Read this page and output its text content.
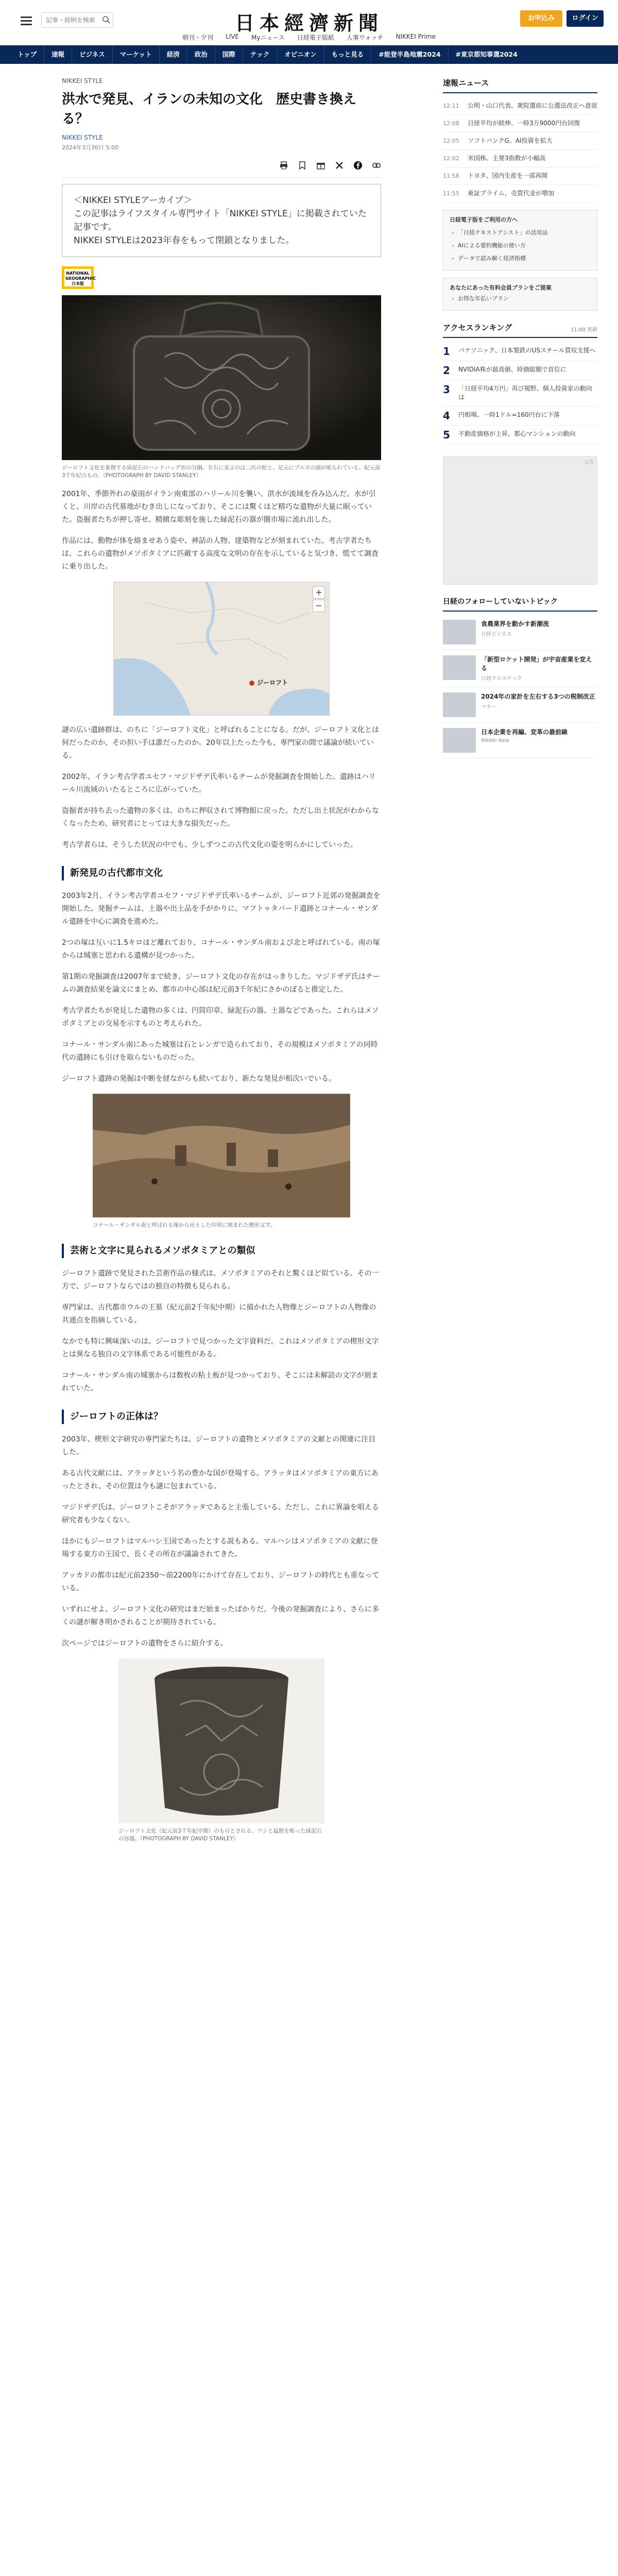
記事・銘柄を検索
日本經濟新聞	お申込み	ログイン
朝刊・夕刊 LIVE Myニュース 日経電子版紙 人事ウォッチ NIKKEI Prime
トップ	速報	ビジネス	マーケット	経済	政治	国際	テック	オピニオン	もっと見る	#能登半島地震2024	#東京都知事選2024
NIKKEI STYLE
洪水で発見、イランの未知の文化　歴史書き換える？
NIKKEI STYLE
2024年3月30日 5:00
＜NIKKEI STYLEアーカイブ＞
この記事はライフスタイル専門サイト「NIKKEI STYLE」に掲載されていた記事です。
NIKKEI STYLEは2023年春をもって閉鎖となりました。
NATIONAL GEOGRAPHIC 日本版
ジーロフト文化を象徴する緑泥石のハンドバッグ形の分銅。左右に並ぶのは二匹の蛇と、足元にブルズの頭が彫られている。紀元前3千年紀のもの。（PHOTOGRAPH BY DAVID STANLEY）

2001年、季節外れの豪雨がイラン南東部のハリール川を襲い、洪水が流域を呑み込んだ。水が引くと、川岸の古代墓地がむき出しになっており、そこには驚くほど精巧な遺物が大量に眠っていた。盗掘者たちが押し寄せ、精緻な彫刻を施した緑泥石の器が闇市場に流れ出した。

作品には、動物が体を絡ませあう姿や、神話の人物、建築物などが刻まれていた。考古学者たちは、これらの遺物がメソポタミアに匹敵する高度な文明の存在を示していると気づき、慌てて調査に乗り出した。

ジーロフト
+
−

謎の広い遺跡群は、のちに「ジーロフト文化」と呼ばれることになる。だが、ジーロフト文化とは何だったのか、その担い手は誰だったのか。20年以上たった今も、専門家の間で議論が続いている。

2002年、イラン考古学者ユセフ・マジドザデ氏率いるチームが発掘調査を開始した。遺跡はハリール川流域のいたるところに広がっていた。

盗掘者が持ち去った遺物の多くは、のちに押収されて博物館に戻った。ただし出土状況がわからなくなったため、研究者にとっては大きな損失だった。

考古学者らは、そうした状況の中でも、少しずつこの古代文化の姿を明らかにしていった。

新発見の古代都市文化

2003年2月、イラン考古学者ユセフ・マジドザデ氏率いるチームが、ジーロフト近郊の発掘調査を開始した。発掘チームは、土器や出土品を手がかりに、マフトゥタバード遺跡とコナール・サンダル遺跡を中心に調査を進めた。

2つの塚は互いに1.5キロほど離れており、コナール・サンダル南および北と呼ばれている。南の塚からは城塞と思われる遺構が見つかった。

第1期の発掘調査は2007年まで続き、ジーロフト文化の存在がはっきりした。マジドザデ氏はチームの調査結果を論文にまとめ、都市の中心部は紀元前3千年紀にさかのぼると推定した。

考古学者たちが発見した遺物の多くは、円筒印章、緑泥石の器、土器などであった。これらはメソポタミアとの交易を示すものと考えられた。

コナール・サンダル南にあった城塞は石とレンガで造られており、その規模はメソポタミアの同時代の遺跡にも引けを取らないものだった。

ジーロフト遺跡の発掘は中断を経ながらも続いており、新たな発見が相次いでいる。

コナール・サンダル南と呼ばれる塚から出土した印章に刻まれた楔形文字。
芸術と文字に見られるメソポタミアとの類似

ジーロフト遺跡で発見された芸術作品の様式は、メソポタミアのそれと驚くほど似ている。その一方で、ジーロフトならではの独自の特徴も見られる。

専門家は、古代都市ウルの王墓（紀元前2千年紀中期）に描かれた人物像とジーロフトの人物像の共通点を指摘している。

なかでも特に興味深いのは、ジーロフトで見つかった文字資料だ。これはメソポタミアの楔形文字とは異なる独自の文字体系である可能性がある。

コナール・サンダル南の城塞からは数枚の粘土板が見つかっており、そこには未解読の文字が刻まれていた。

ジーロフトの正体は？

2003年、楔形文字研究の専門家たちは、ジーロフトの遺物とメソポタミアの文献との関連に注目した。

ある古代文献には、アラッタという名の豊かな国が登場する。アラッタはメソポタミアの東方にあったとされ、その位置は今も謎に包まれている。

マジドザデ氏は、ジーロフトこそがアラッタであると主張している。ただし、これに異論を唱える研究者も少なくない。

ほかにもジーロフトはマルハシ王国であったとする説もある。マルハシはメソポタミアの文献に登場する東方の王国で、長くその所在が議論されてきた。

アッカドの都市は紀元前2350〜前2200年にかけて存在しており、ジーロフトの時代とも重なっている。

いずれにせよ、ジーロフト文化の研究はまだ始まったばかりだ。今後の発掘調査により、さらに多くの謎が解き明かされることが期待されている。

次ページではジーロフトの遺物をさらに紹介する。

ジーロフト文化（紀元前3千年紀中期）のものとされる、ワシと猛獣を彫った緑泥石の容器。（PHOTOGRAPH BY DAVID STANLEY）
速報ニュース
12:11	公明・山口代表、衆院選前に公選法改正へ意欲
12:08	日経平均が続伸、一時3万9000円台回復
12:05	ソフトバンクG、AI投資を拡大
12:02	米国株、主要3指数が小幅高
11:58	トヨタ、国内生産を一部再開
11:55	東証プライム、売買代金が増加
日経電子版をご利用の方へ
› 「日経テキストアシスト」の活用法
› AIによる要約機能の使い方
› データで読み解く経済指標
あなたにあった有料会員プランをご提案
› お得な年払いプラン
アクセスランキング	11:00 更新
1	パナソニック、日本製鉄のUSスチール買収支援へ
2	NVIDIA株が最高値、時価総額で首位に
3	「日経平均4万円」再び視野、個人投資家の動向は
4	円相場、一時1ドル=160円台に下落
5	不動産価格が上昇、都心マンションの動向
広告
日経のフォローしていないトピック
食農業界を動かす新潮流
日経ビジネス
「新型ロケット開発」が宇宙産業を変える
日経クロステック
2024年の家計を左右する3つの税制改正
マネー
日本企業を再編、変革の最前線
Nikkei Asia
